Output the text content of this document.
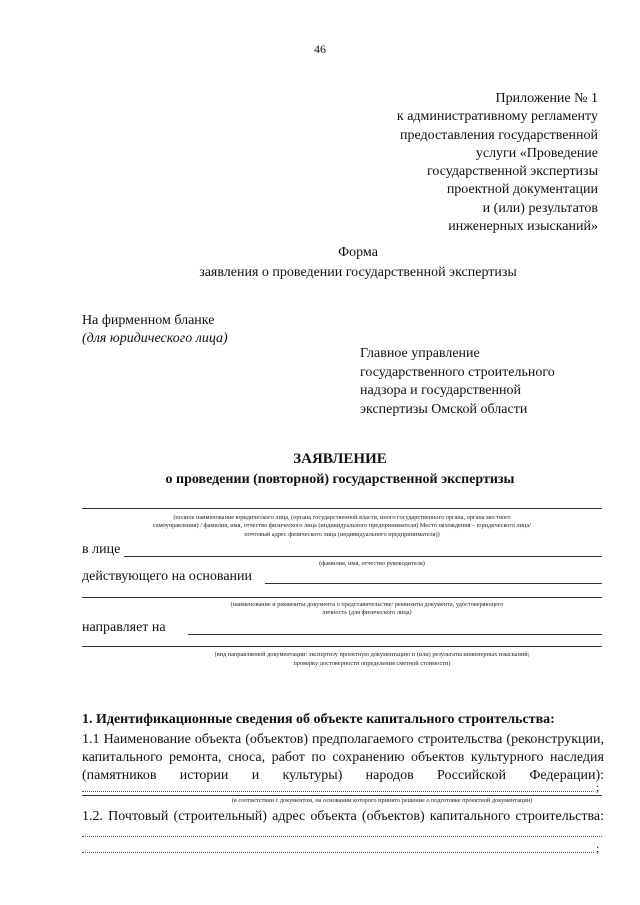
46
Приложение № 1
к административному регламенту
предоставления государственной
услуги «Проведение
государственной экспертизы
проектной документации
и (или) результатов
инженерных изысканий»
Форма
заявления о проведении государственной экспертизы
На фирменном бланке
(для юридического лица)
Главное управление
государственного строительного
надзора и государственной
экспертизы Омской области
ЗАЯВЛЕНИЕ
о проведении (повторной) государственной экспертизы
(полное наименование юридического лица, (органа государственной власти, иного государственного органа, органа местного
самоуправления) / фамилия, имя, отчество физического лица (индивидуального предпринимателя) Место нахождения – юридического лица/
почтовый адрес физического лица (индивидуального предпринимателя))
в лице
(фамилия, имя, отчество руководителя)
действующего на основании
(наименование и реквизиты документа о представительстве/ реквизиты документа, удостоверяющего
личность (для физического лица)
направляет на
(вид направляемой документации: экспертизу проектную документацию и (или) результаты инженерных изысканий;
проверку достоверности определения сметной стоимости)
1. Идентификационные сведения об объекте капитального строительства:
1.1 Наименование объекта (объектов) предполагаемого строительства (реконструкции,
капитального ремонта, сноса, работ по сохранению объектов культурного наследия
(памятников истории и культуры) народов Российской Федерации):
;
(в соответствии с документом, на основании которого принято решение о подготовке проектной документации)
1.2. Почтовый (строительный) адрес объекта (объектов) капитального строительства:
;
